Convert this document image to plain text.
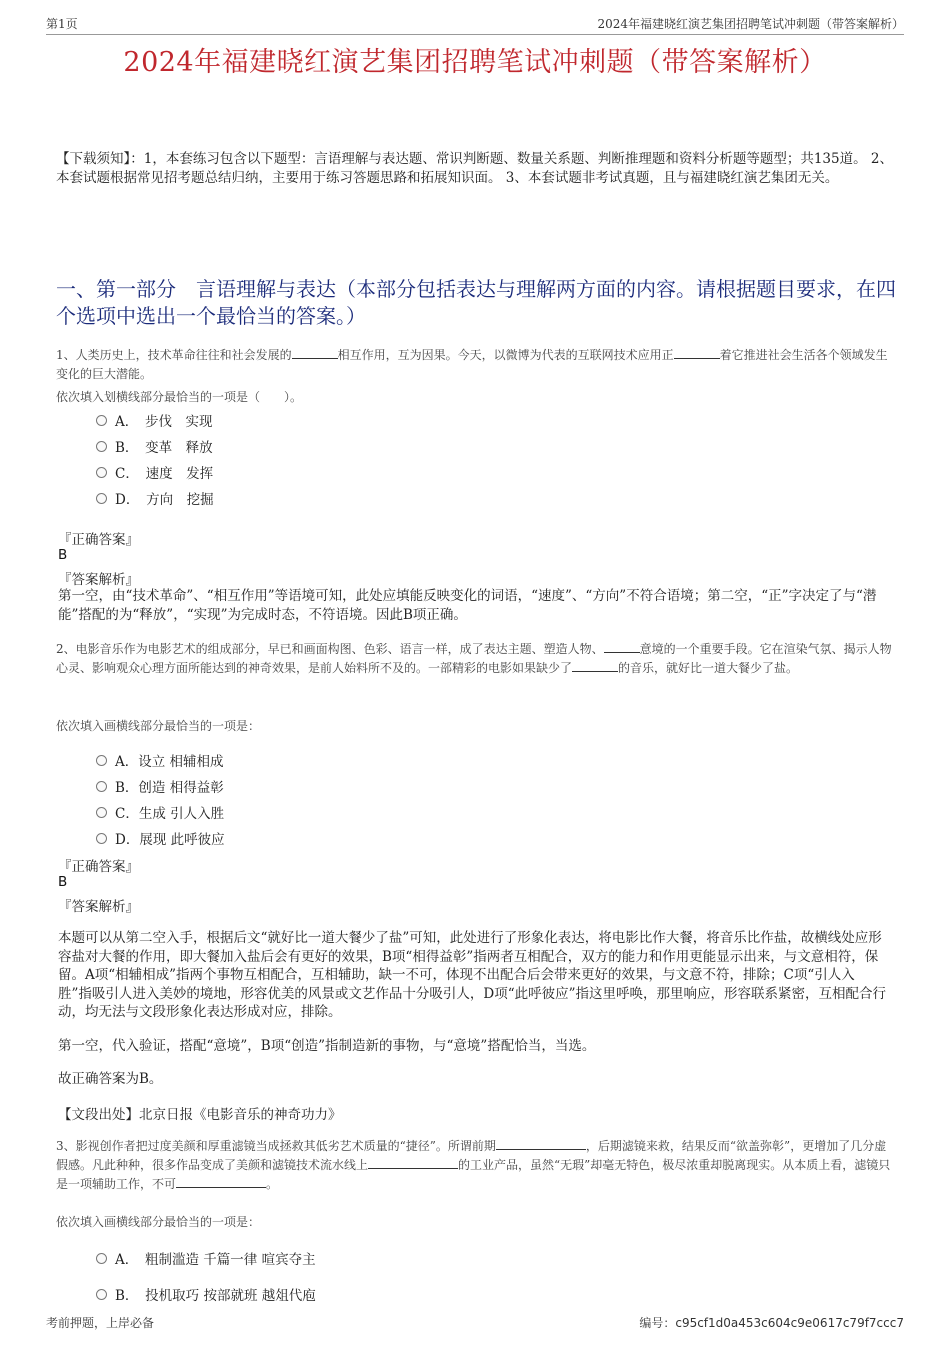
第1页	2024年福建晓红演艺集团招聘笔试冲刺题（带答案解析）
2024年福建晓红演艺集团招聘笔试冲刺题（带答案解析）
【下载须知】：1，本套练习包含以下题型：言语理解与表达题、常识判断题、数量关系题、判断推理题和资料分析题等题型；共135道。 2、本套试题根据常见招考题总结归纳，主要用于练习答题思路和拓展知识面。 3、本套试题非考试真题，且与福建晓红演艺集团无关。
一、第一部分　言语理解与表达（本部分包括表达与理解两方面的内容。请根据题目要求，在四个选项中选出一个最恰当的答案。）
1、人类历史上，技术革命往往和社会发展的	相互作用，互为因果。今天，以微博为代表的互联网技术应用正	着它推进社会生活各个领域发生变化的巨大潜能。
依次填入划横线部分最恰当的一项是（　　）。
A．　步伐　实现
B．　变革　释放
C．　速度　发挥
D．　方向　挖掘
『正确答案』
B
『答案解析』
第一空，由“技术革命”、“相互作用”等语境可知，此处应填能反映变化的词语，“速度”、“方向”不符合语境；第二空，“正”字决定了与“潜能”搭配的为“释放”，“实现”为完成时态，不符语境。因此B项正确。
2、电影音乐作为电影艺术的组成部分，早已和画面构图、色彩、语言一样，成了表达主题、塑造人物、	意境的一个重要手段。它在渲染气氛、揭示人物心灵、影响观众心理方面所能达到的神奇效果，是前人始料所不及的。一部精彩的电影如果缺少了	的音乐，就好比一道大餐少了盐。
依次填入画横线部分最恰当的一项是：
A．设立 相辅相成
B．创造 相得益彰
C．生成 引人入胜
D．展现 此呼彼应
『正确答案』
B
『答案解析』
本题可以从第二空入手，根据后文“就好比一道大餐少了盐”可知，此处进行了形象化表达，将电影比作大餐，将音乐比作盐，故横线处应形容盐对大餐的作用，即大餐加入盐后会有更好的效果，B项“相得益彰”指两者互相配合，双方的能力和作用更能显示出来，与文意相符，保留。A项“相辅相成”指两个事物互相配合，互相辅助，缺一不可，体现不出配合后会带来更好的效果，与文意不符，排除；C项“引人入胜”指吸引人进入美妙的境地，形容优美的风景或文艺作品十分吸引人，D项“此呼彼应”指这里呼唤，那里响应，形容联系紧密，互相配合行动，均无法与文段形象化表达形成对应，排除。
第一空，代入验证，搭配“意境”，B项“创造”指制造新的事物，与“意境”搭配恰当，当选。
故正确答案为B。
【文段出处】北京日报《电影音乐的神奇功力》
3、影视创作者把过度美颜和厚重滤镜当成拯救其低劣艺术质量的“捷径”。所谓前期	，后期滤镜来救，结果反而“欲盖弥彰”，更增加了几分虚假感。凡此种种，很多作品变成了美颜和滤镜技术流水线上	的工业产品，虽然“无瑕”却毫无特色，极尽浓重却脱离现实。从本质上看，滤镜只是一项辅助工作，不可	。
依次填入画横线部分最恰当的一项是：
A．　粗制滥造 千篇一律 喧宾夺主
B．　投机取巧 按部就班 越俎代庖
考前押题，上岸必备	编号：c95cf1d0a453c604c9e0617c79f7ccc7
